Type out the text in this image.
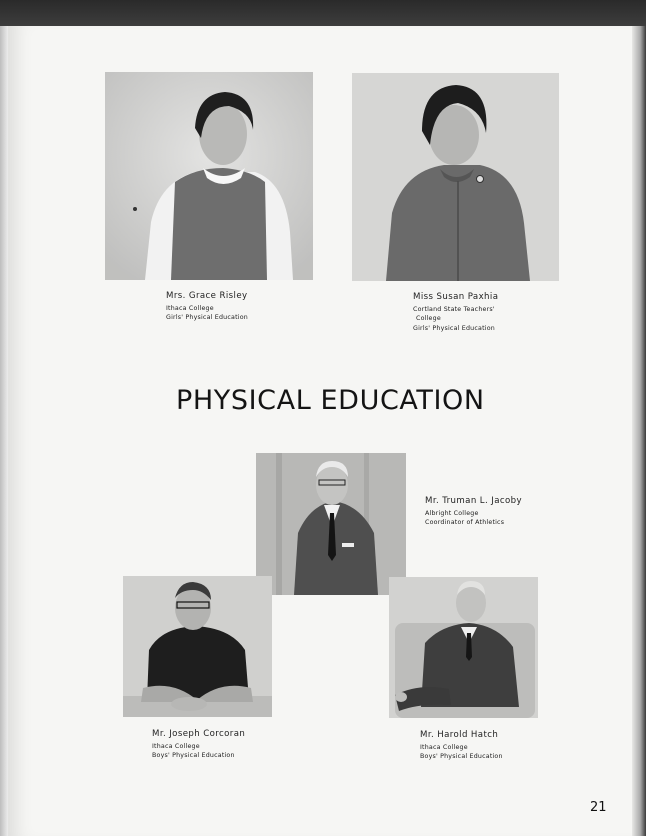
Mrs. Grace Risley
Ithaca College
Girls' Physical Education
Miss Susan Paxhia
Cortland State Teachers'
College
Girls' Physical Education
PHYSICAL EDUCATION
Mr. Truman L. Jacoby
Albright College
Coordinator of Athletics
Mr. Joseph Corcoran
Ithaca College
Boys' Physical Education
Mr. Harold Hatch
Ithaca College
Boys' Physical Education
21
